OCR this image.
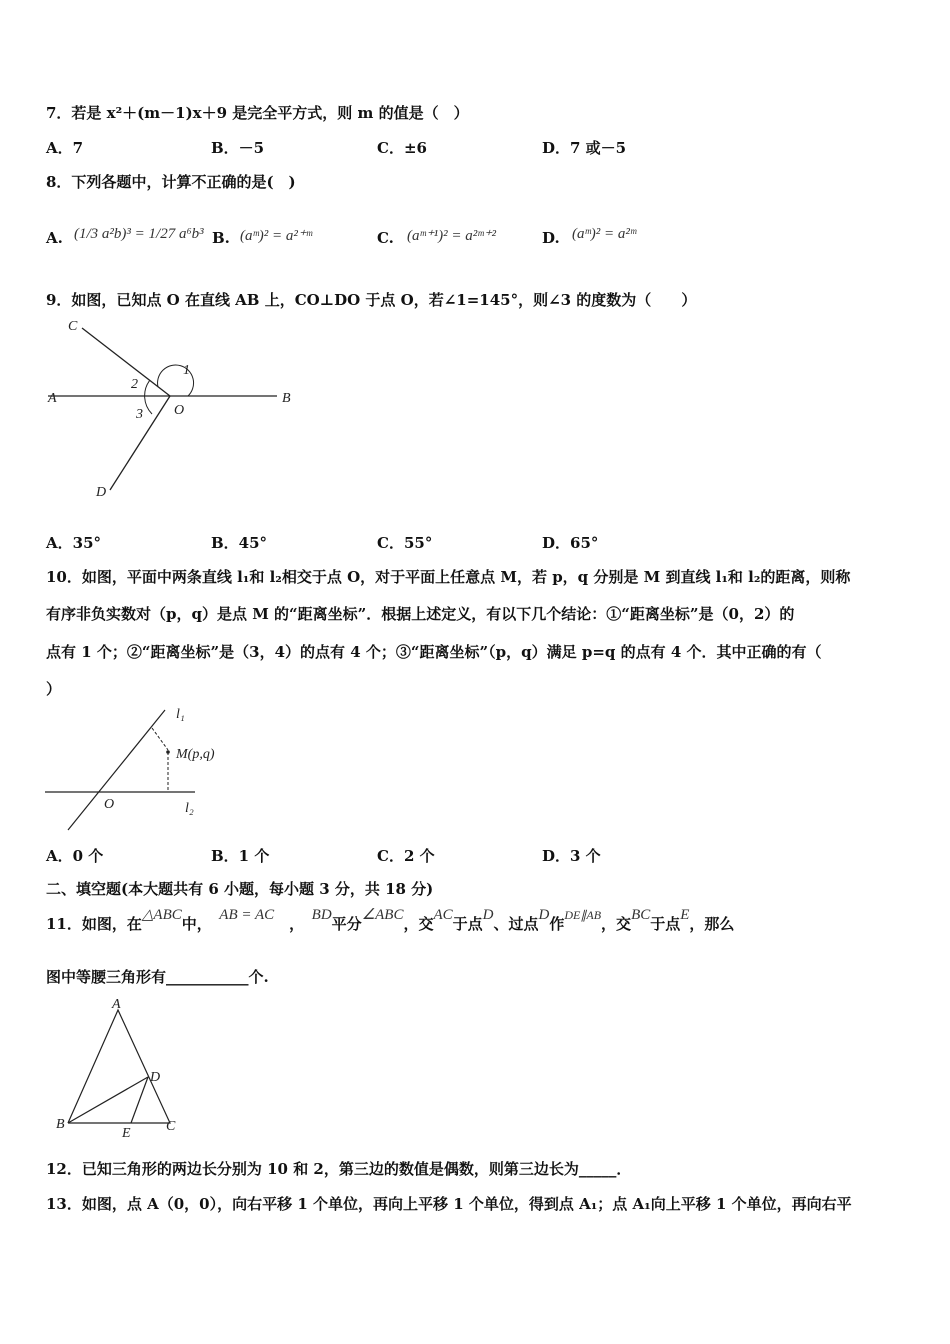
7．若是 x²＋(m－1)x＋9 是完全平方式，则 m 的值是（　）
A．7	B．－5	C．±6	D．7 或－5
8．下列各题中，计算不正确的是(　)
A. (1/3 a²b)³ = 1/27 a⁶b³ B. (aᵐ)² = a²⁺ᵐ	C. (aᵐ⁺¹)² = a²ᵐ⁺²	D. (aᵐ)² = a²ᵐ
9．如图，已知点 O 在直线 AB 上，CO⊥DO 于点 O，若∠1=145°，则∠3 的度数为（　　）
C
1
2
A
3 O
B
D
A．35°	B．45°	C．55°	D．65°
10．如图，平面中两条直线 l₁和 l₂相交于点 O，对于平面上任意点 M，若 p，q 分别是 M 到直线 l₁和 l₂的距离，则称
有序非负实数对（p，q）是点 M 的“距离坐标”．根据上述定义，有以下几个结论：①“距离坐标”是（0，2）的
点有 1 个；②“距离坐标”是（3，4）的点有 4 个；③“距离坐标”（p，q）满足 p=q 的点有 4 个．其中正确的有（
）
l₁
M(p,q)
O	l₂
A．0 个	B．1 个	C．2 个	D．3 个
二、填空题(本大题共有 6 小题，每小题 3 分，共 18 分)
11．如图，在△ABC中，　 AB = AC　 ，　 BD平分∠ABC，交AC于点D、过点D作$^{DE\parallel AB}$，交BC于点E，那么
图中等腰三角形有___________个.
A
D
B
E	C
12．已知三角形的两边长分别为 10 和 2，第三边的数值是偶数，则第三边长为_____．
13．如图，点 A（0，0），向右平移 1 个单位，再向上平移 1 个单位，得到点 A₁；点 A₁向上平移 1 个单位，再向右平
